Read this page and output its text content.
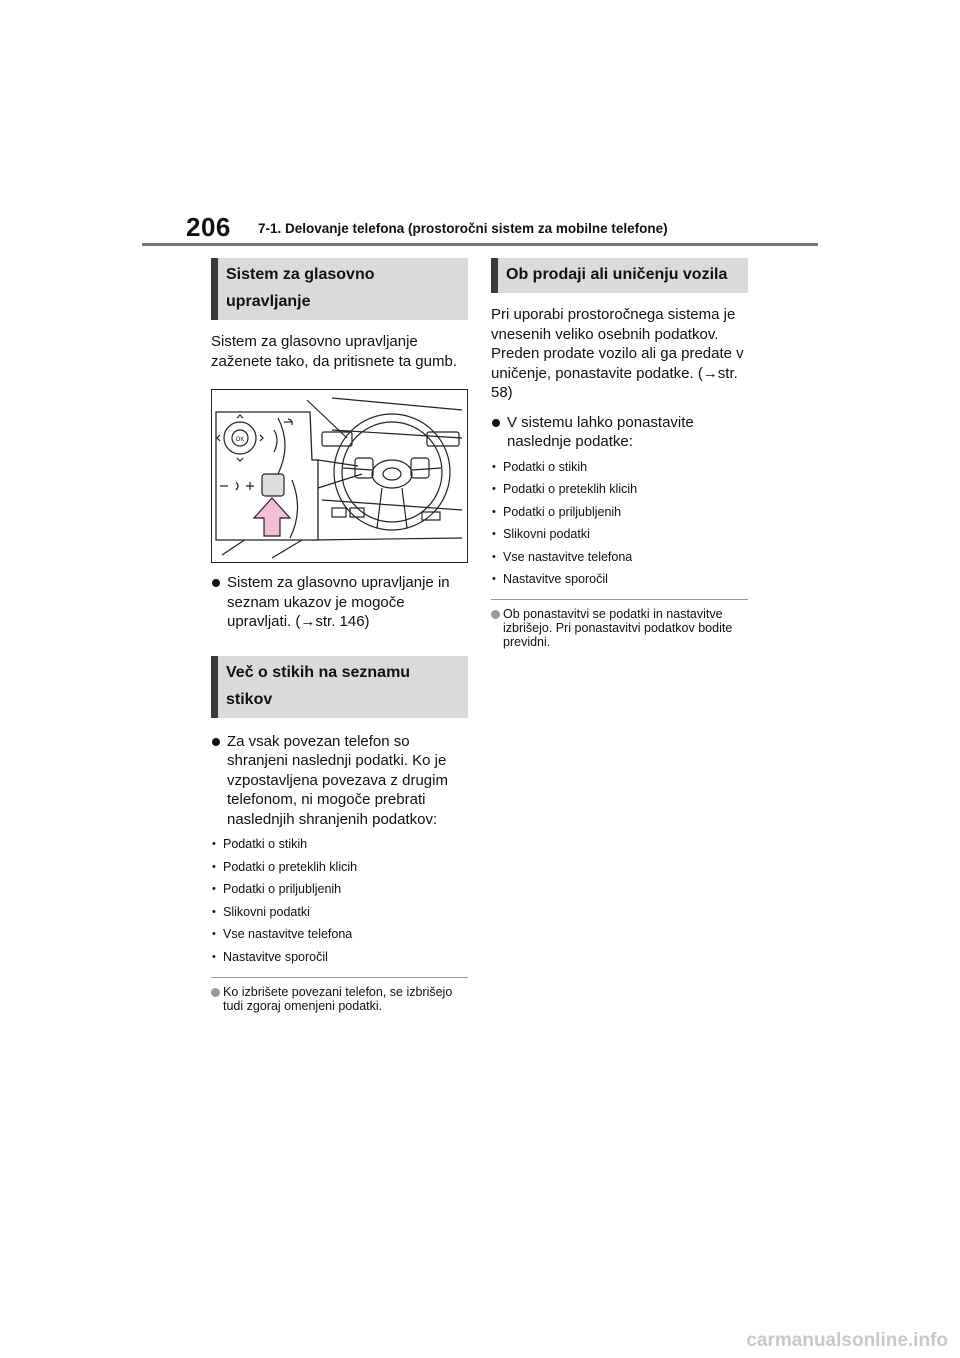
206 7-1. Delovanje telefona (prostoročni sistem za mobilne telefone)
Sistem za glasovno upravljanje

Sistem za glasovno upravljanje zaženete tako, da pritisnete ta gumb.

OK
Sistem za glasovno upravljanje in seznam ukazov je mogoče upravljati. (→str. 146)
Več o stikih na seznamu stikov
Za vsak povezan telefon so shranjeni naslednji podatki. Ko je vzpostavljena povezava z drugim telefonom, ni mogoče prebrati naslednjih shranjenih podatkov:
• Podatki o stikih
• Podatki o preteklih klicih
• Podatki o priljubljenih
• Slikovni podatki
• Vse nastavitve telefona
• Nastavitve sporočil
Ko izbrišete povezani telefon, se izbrišejo tudi zgoraj omenjeni podatki.
Ob prodaji ali uničenju vozila

Pri uporabi prostoročnega sistema je vnesenih veliko osebnih podatkov. Preden prodate vozilo ali ga predate v uničenje, ponastavite podatke. (→str. 58)

V sistemu lahko ponastavite naslednje podatke:
• Podatki o stikih
• Podatki o preteklih klicih
• Podatki o priljubljenih
• Slikovni podatki
• Vse nastavitve telefona
• Nastavitve sporočil
Ob ponastavitvi se podatki in nastavitve izbrišejo. Pri ponastavitvi podatkov bodite previdni.
carmanualsonline.info
